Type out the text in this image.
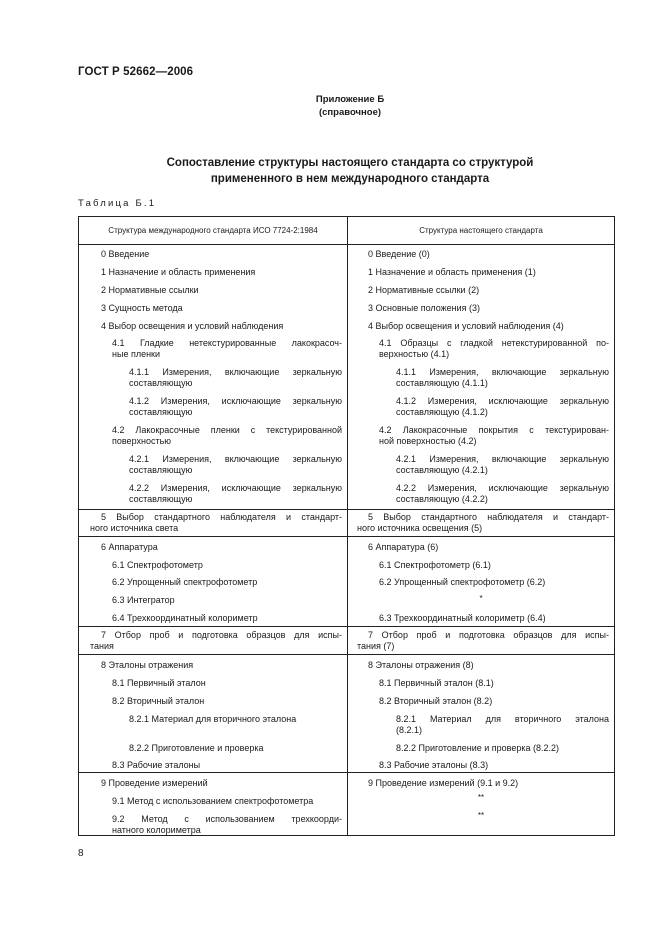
ГОСТ Р 52662—2006
Приложение Б
(справочное)
Сопоставление структуры настоящего стандарта со структурой
примененного в нем международного стандарта
Таблица Б.1
Структура международного стандарта ИСО 7724-2:1984	Структура настоящего стандарта
0 Введение
1 Назначение и область применения
2 Нормативные ссылки
3 Сущность метода
4 Выбор освещения и условий наблюдения
4.1 Гладкие нетекстурированные лакокрасоч-
ные пленки
4.1.1 Измерения, включающие зеркальную
составляющую
4.1.2 Измерения, исключающие зеркальную
составляющую
4.2 Лакокрасочные пленки с текстурированной
поверхностью
4.2.1 Измерения, включающие зеркальную
составляющую
4.2.2 Измерения, исключающие зеркальную
составляющую
5 Выбор стандартного наблюдателя и стандарт-
ного источника света
6 Аппаратура
6.1 Спектрофотометр
6.2 Упрощенный спектрофотометр
6.3 Интегратор
6.4 Трехкоординатный колориметр
7 Отбор проб и подготовка образцов для испы-
тания
8 Эталоны отражения
8.1 Первичный эталон
8.2 Вторичный эталон
8.2.1 Материал для вторичного эталона
8.2.2 Приготовление и проверка
8.3 Рабочие эталоны
9 Проведение измерений
9.1 Метод с использованием спектрофотометра
9.2 Метод с использованием трехкоорди-
натного колориметра
0 Введение (0)
1 Назначение и область применения (1)
2 Нормативные ссылки (2)
3 Основные положения (3)
4 Выбор освещения и условий наблюдения (4)
4.1 Образцы с гладкой нетекстурированной по-
верхностью (4.1)
4.1.1 Измерения, включающие зеркальную
составляющую (4.1.1)
4.1.2 Измерения, исключающие зеркальную
составляющую (4.1.2)
4.2 Лакокрасочные покрытия с текстурирован-
ной поверхностью (4.2)
4.2.1 Измерения, включающие зеркальную
составляющую (4.2.1)
4.2.2 Измерения, исключающие зеркальную
составляющую (4.2.2)
5 Выбор стандартного наблюдателя и стандарт-
ного источника освещения (5)
6 Аппаратура (6)
6.1 Спектрофотометр (6.1)
6.2 Упрощенный спектрофотометр (6.2)
*
6.3 Трехкоординатный колориметр (6.4)
7 Отбор проб и подготовка образцов для испы-
тания (7)
8 Эталоны отражения (8)
8.1 Первичный эталон (8.1)
8.2 Вторичный эталон (8.2)
8.2.1 Материал для вторичного эталона
(8.2.1)
8.2.2 Приготовление и проверка (8.2.2)
8.3 Рабочие эталоны (8.3)
9 Проведение измерений (9.1 и 9.2)
**
**
8
